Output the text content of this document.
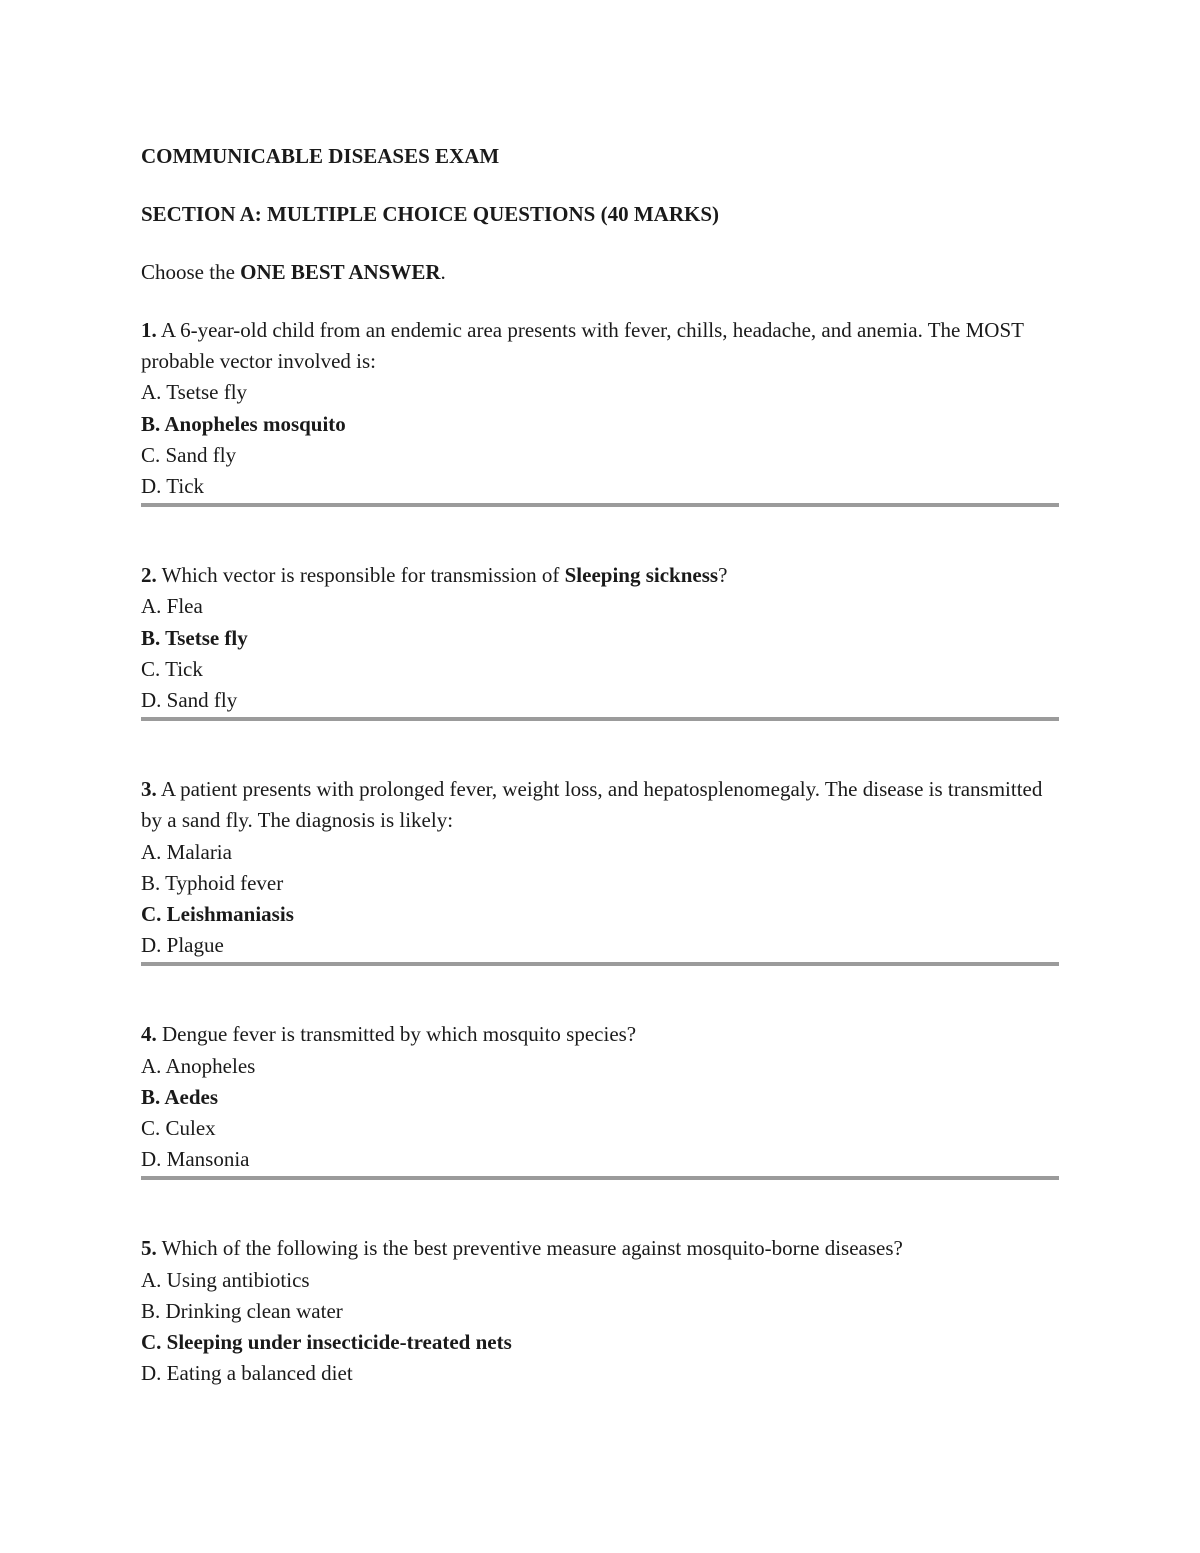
COMMUNICABLE DISEASES EXAM

SECTION A: MULTIPLE CHOICE QUESTIONS (40 MARKS)

Choose the ONE BEST ANSWER.

1. A 6-year-old child from an endemic area presents with fever, chills, headache, and anemia. The MOST probable vector involved is:

A. Tsetse fly
B. Anopheles mosquito
C. Sand fly
D. Tick

2. Which vector is responsible for transmission of Sleeping sickness?

A. Flea
B. Tsetse fly
C. Tick
D. Sand fly

3. A patient presents with prolonged fever, weight loss, and hepatosplenomegaly. The disease is transmitted by a sand fly. The diagnosis is likely:

A. Malaria
B. Typhoid fever
C. Leishmaniasis
D. Plague

4. Dengue fever is transmitted by which mosquito species?

A. Anopheles
B. Aedes
C. Culex
D. Mansonia

5. Which of the following is the best preventive measure against mosquito-borne diseases?

A. Using antibiotics
B. Drinking clean water
C. Sleeping under insecticide-treated nets
D. Eating a balanced diet
